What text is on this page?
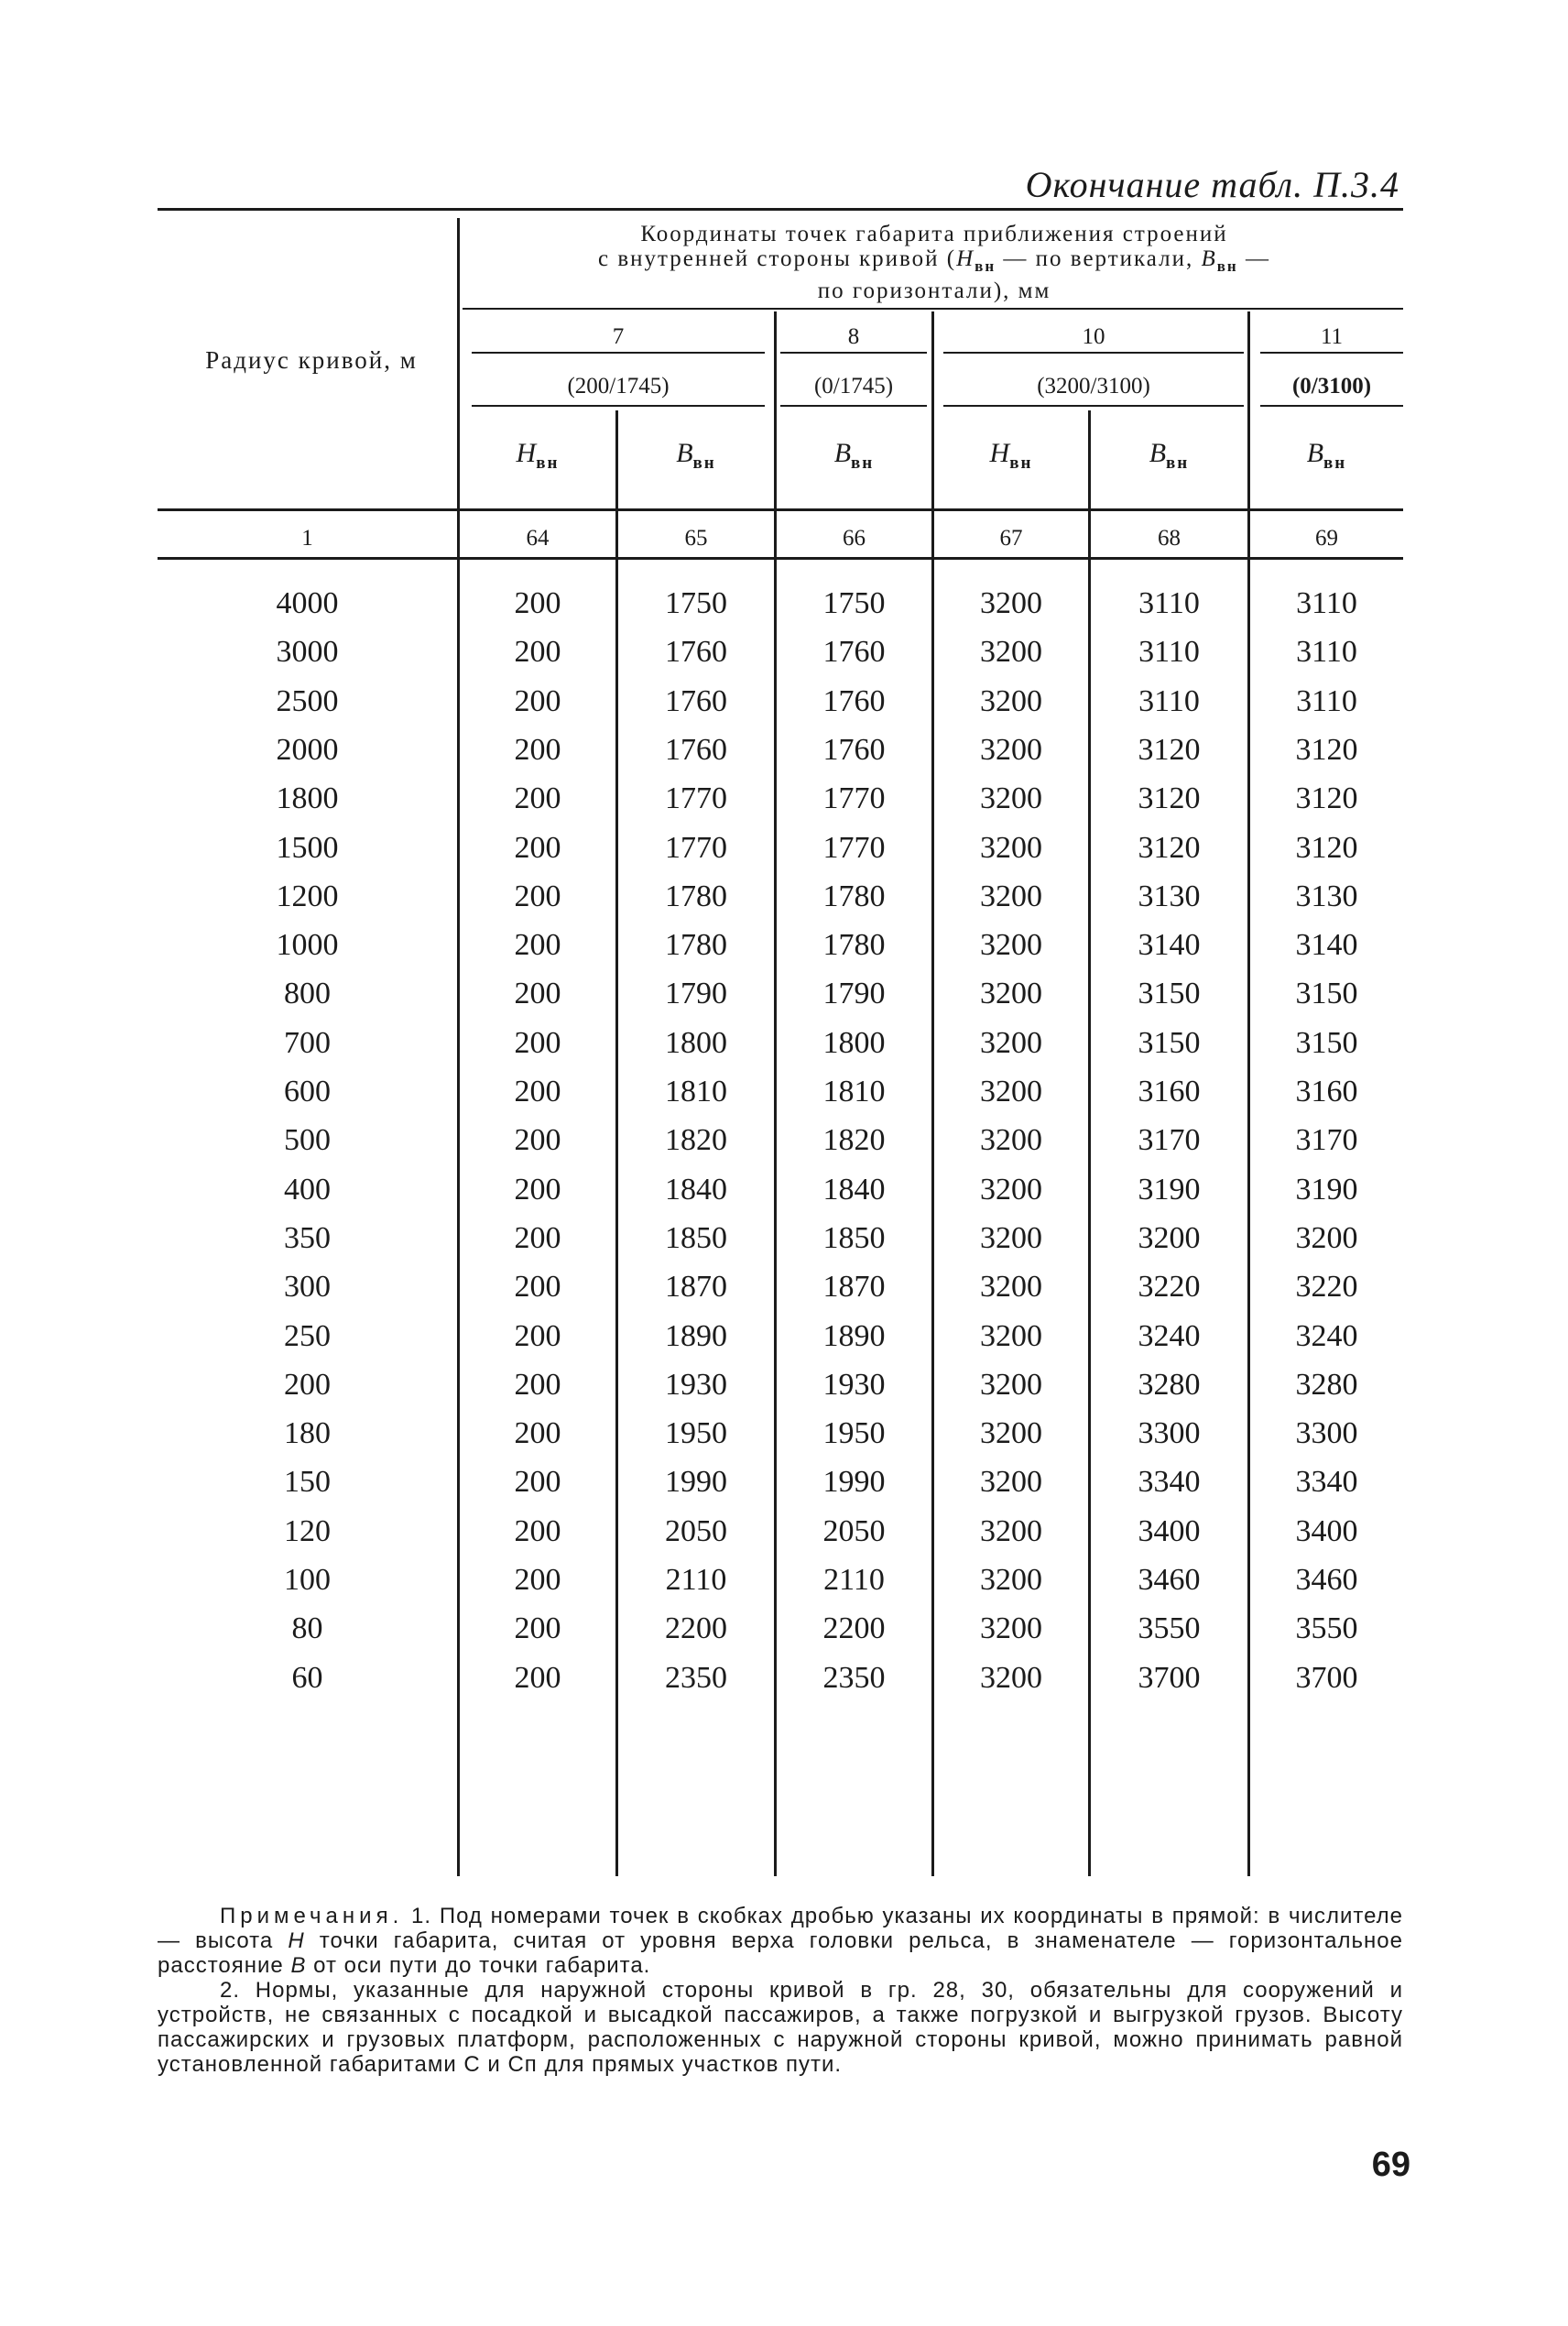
Окончание табл. П.3.4
Координаты точек габарита приближения строений
с внутренней стороны кривой ($H_{вн}$ — по вертикали, $B_{вн}$ —
по горизонтали), мм
Радиус кривой, м
7	8	10	11
(200/1745)	(0/1745)	(3200/3100)	(0/3100)
$H_{вн}$	$B_{вн}$	$B_{вн}$	$H_{вн}$	$B_{вн}$	$B_{вн}$
1	64	65	66	67	68	69
4000	200	1750	1750	3200	3110	3110
3000	200	1760	1760	3200	3110	3110
2500	200	1760	1760	3200	3110	3110
2000	200	1760	1760	3200	3120	3120
1800	200	1770	1770	3200	3120	3120
1500	200	1770	1770	3200	3120	3120
1200	200	1780	1780	3200	3130	3130
1000	200	1780	1780	3200	3140	3140
800	200	1790	1790	3200	3150	3150
700	200	1800	1800	3200	3150	3150
600	200	1810	1810	3200	3160	3160
500	200	1820	1820	3200	3170	3170
400	200	1840	1840	3200	3190	3190
350	200	1850	1850	3200	3200	3200
300	200	1870	1870	3200	3220	3220
250	200	1890	1890	3200	3240	3240
200	200	1930	1930	3200	3280	3280
180	200	1950	1950	3200	3300	3300
150	200	1990	1990	3200	3340	3340
120	200	2050	2050	3200	3400	3400
100	200	2110	2110	3200	3460	3460
80	200	2200	2200	3200	3550	3550
60	200	2350	2350	3200	3700	3700

Примечания. 1. Под номерами точек в скобках дробью указаны их координаты в прямой: в числителе — высота H точки габарита, считая от уровня верха головки рельса, в знаменателе — горизонтальное расстояние B от оси пути до точки габарита.

2. Нормы, указанные для наружной стороны кривой в гр. 28, 30, обязательны для сооружений и устройств, не связанных с посадкой и высадкой пассажиров, а также погрузкой и выгрузкой грузов. Высоту пассажирских и грузовых платформ, расположенных с наружной стороны кривой, можно принимать равной установленной габаритами С и Сп для прямых участков пути.

69
